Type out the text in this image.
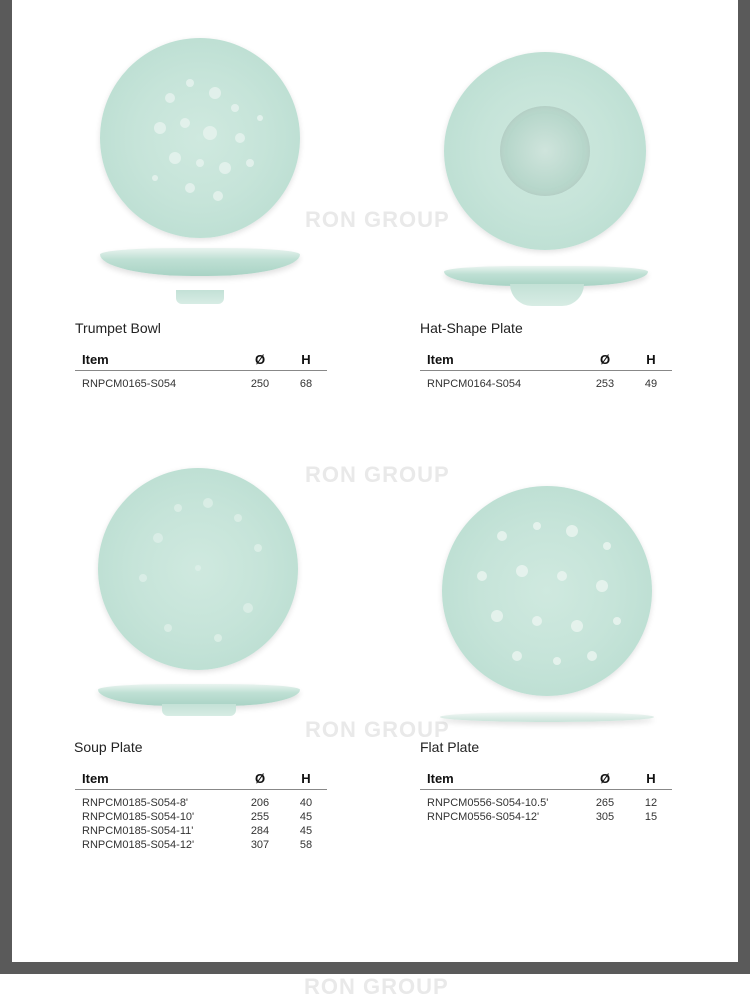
RON GROUP
RON GROUP
RON GROUP
Trumpet Bowl	Hat-Shape Plate
Soup Plate	Flat Plate
Item	Ø	H
RNPCM0165-S054	250	68
Item	Ø	H
RNPCM0164-S054	253	49
Item	Ø	H
RNPCM0185-S054-8'	206	40
RNPCM0185-S054-10'	255	45
RNPCM0185-S054-11'	284	45
RNPCM0185-S054-12'	307	58
Item	Ø	H
RNPCM0556-S054-10.5'	265	12
RNPCM0556-S054-12'	305	15
RON GROUP
